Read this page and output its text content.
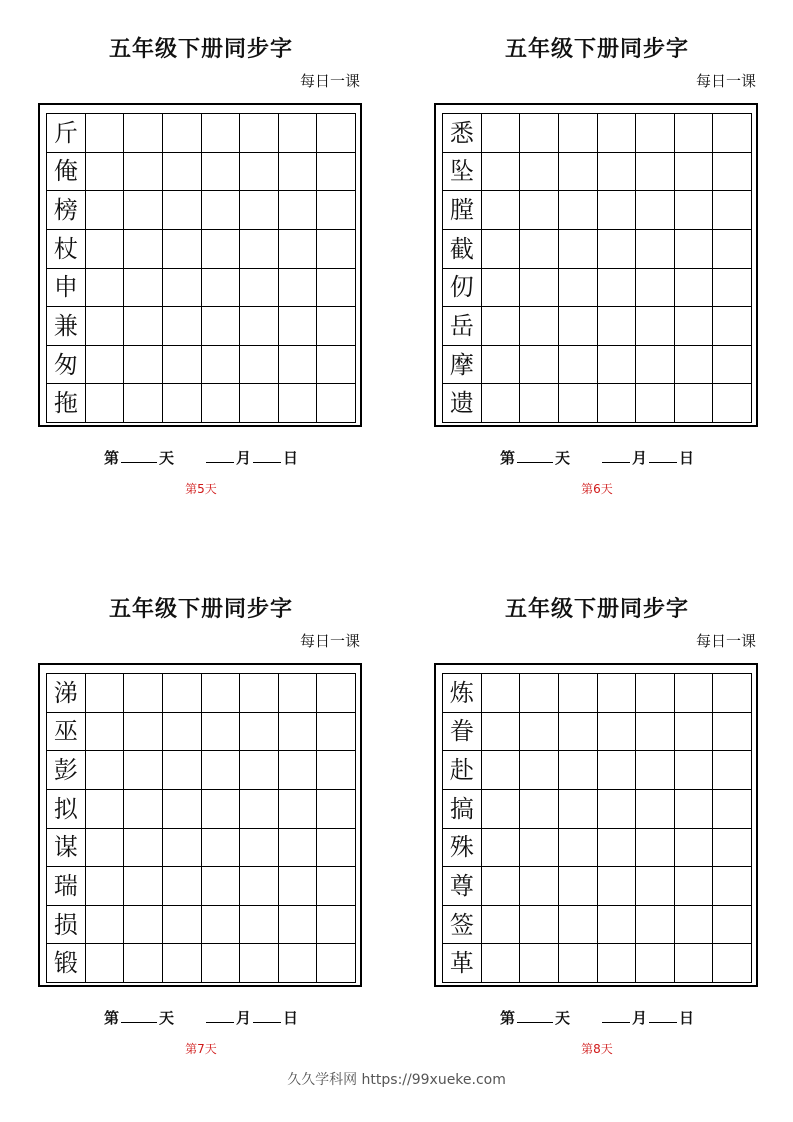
五年级下册同步字
每日一课
斤
俺
榜
杖
申
兼
匆
拖
第	天	月 日
第5天
五年级下册同步字
每日一课
悉
坠
膛
截
仞
岳
摩
遗
第	天	月 日
第6天
五年级下册同步字
每日一课
涕
巫
彭
拟
谋
瑞
损
锻
第	天	月 日
第7天
五年级下册同步字
每日一课
炼
眷
赴
搞
殊
尊
签
革
第	天	月 日
第8天
久久学科网 https://99xueke.com
